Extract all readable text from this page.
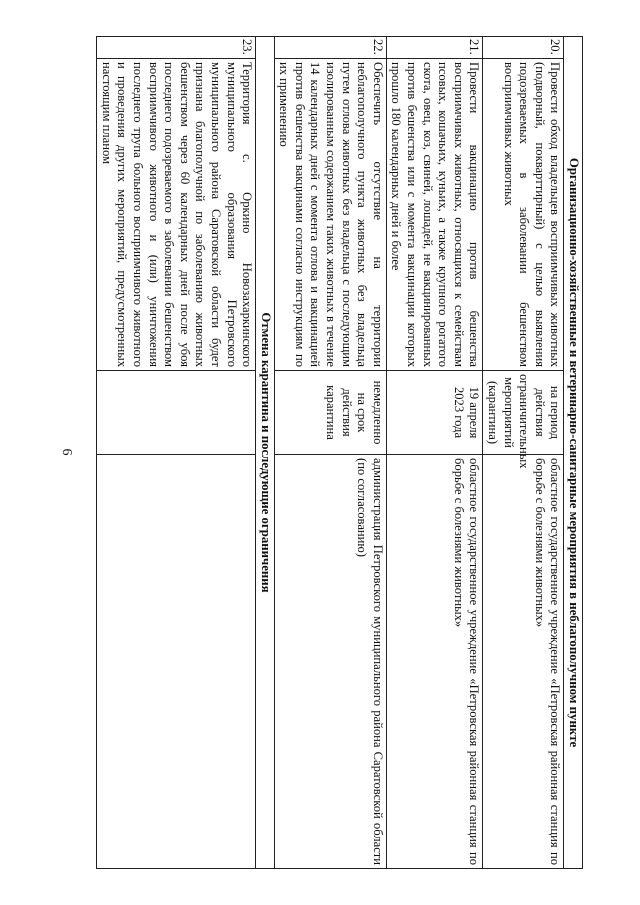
6	Организационно-хозяйственные и ветеринарно-санитарные мероприятия в неблагополучном пункте			
20.	Провести обход владельцев восприимчивых животных (подворный, покварттирный) с целью выявления подозреваемых в заболевании бешенством восприимчивых животных	на период действия ограничительных мероприятий (карантина)	областное государственное учреждение «Петровская районная станция по борьбе с болезнями животных»
21.	Провести вакцинацию против бешенства восприимчивых животных, относящихся к семействам псовых, кошачьих, куньих, а также крупного рогатого скота, овец, коз, свиней, лошадей, не вакцинированных против бешенства или с момента вакцинации которых прошло 180 календарных дней и более	19 апреля 2023 года	областное государственное учреждение «Петровская районная станция по борьбе с болезнями животных»
22.	Обеспечить отсутствие на территории неблагополучного пункта животных без владельца путем отлова животных без владельца с последующим изолированным содержанием таких животных в течение 14 календарных дней с момента отлова и вакцинацией против бешенства вакцинами согласно инструкциям по их применению	немедленно на срок действия карантина	администрация Петровского муниципального района Саратовской области (по согласованию)
Отмена карантина и последующие ограничения			
23.	Территория с. Оркино Новозахаркинского муниципального образования Петровского муниципального района Саратовской области будет признана благополучной по заболеванию животных бешенством через 60 календарных дней после убоя последнего подозреваемого в заболевании бешенством восприимчивого животного и (или) уничтожения последнего трупа больного восприимчивого животного и проведения других мероприятий, предусмотренных настоящим планом		
